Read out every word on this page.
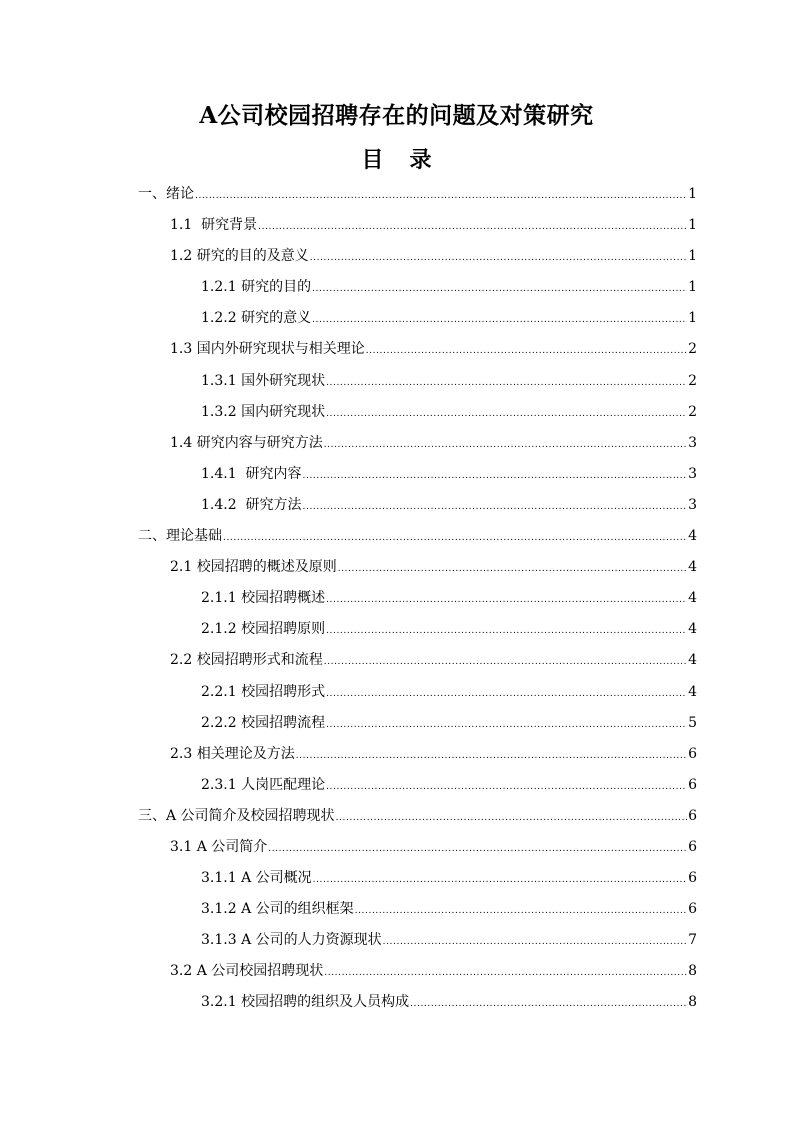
A公司校园招聘存在的问题及对策研究
目 录
一、绪论 .....	1
1.1  研究背景 .....	1
1.2 研究的目的及意义 .....	1
1.2.1 研究的目的 .....	1
1.2.2 研究的意义 .....	1
1.3 国内外研究现状与相关理论 .....	2
1.3.1 国外研究现状 .....	2
1.3.2 国内研究现状 .....	2
1.4 研究内容与研究方法 .....	3
1.4.1  研究内容 .....	3
1.4.2  研究方法 .....	3
二、理论基础 .....	4
2.1 校园招聘的概述及原则 .....	4
2.1.1 校园招聘概述 .....	4
2.1.2 校园招聘原则 .....	4
2.2 校园招聘形式和流程 .....	4
2.2.1 校园招聘形式 .....	4
2.2.2 校园招聘流程 .....	5
2.3 相关理论及方法 .....	6
2.3.1 人岗匹配理论 .....	6
三、A 公司简介及校园招聘现状 .....	6
3.1 A 公司简介 .....	6
3.1.1 A 公司概况 .....	6
3.1.2 A 公司的组织框架 .....	6
3.1.3 A 公司的人力资源现状 .....	7
3.2 A 公司校园招聘现状 .....	8
3.2.1 校园招聘的组织及人员构成 .....	8
